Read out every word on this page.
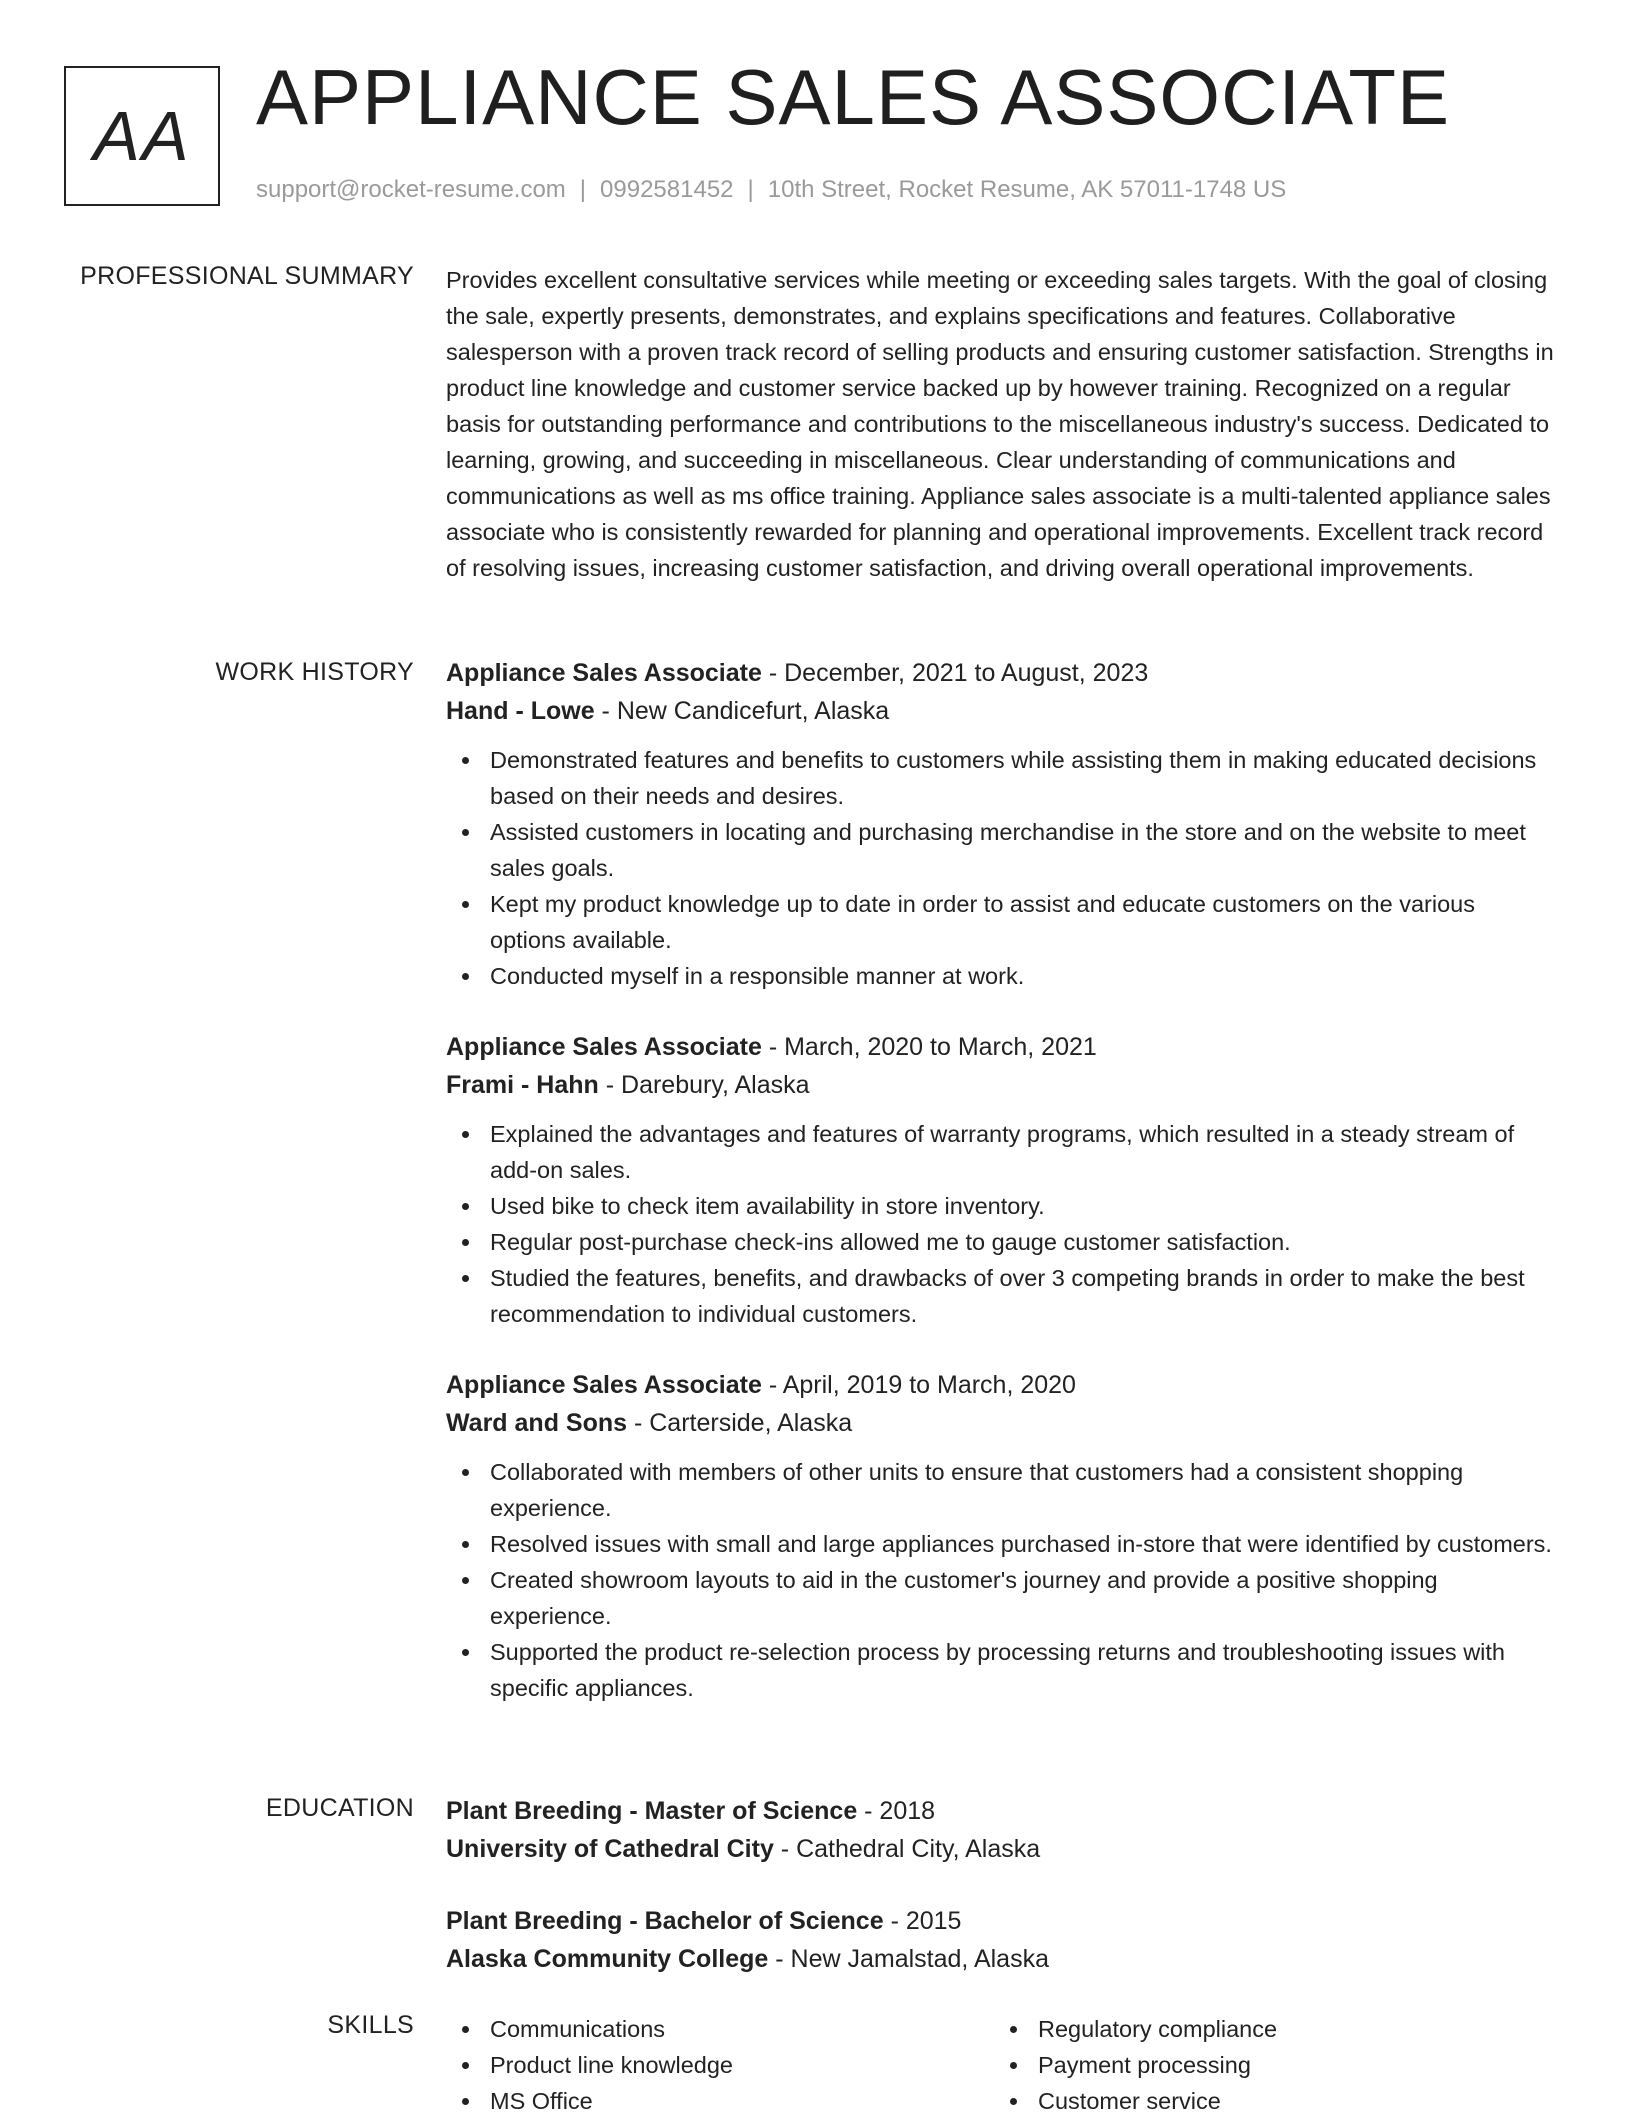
AA APPLIANCE SALES ASSOCIATE
support@rocket-resume.com | 0992581452 | 10th Street, Rocket Resume, AK 57011-1748 US
PROFESSIONAL SUMMARY Provides excellent consultative services while meeting or exceeding sales targets. With the goal of closing the sale, expertly presents, demonstrates, and explains specifications and features. Collaborative salesperson with a proven track record of selling products and ensuring customer satisfaction. Strengths in product line knowledge and customer service backed up by however training. Recognized on a regular basis for outstanding performance and contributions to the miscellaneous industry's success. Dedicated to learning, growing, and succeeding in miscellaneous. Clear understanding of communications and communications as well as ms office training. Appliance sales associate is a multi-talented appliance sales associate who is consistently rewarded for planning and operational improvements. Excellent track record of resolving issues, increasing customer satisfaction, and driving overall operational improvements.

WORK HISTORY Appliance Sales Associate - December, 2021 to August, 2023
Hand - Lowe - New Candicefurt, Alaska
Demonstrated features and benefits to customers while assisting them in making educated decisions based on their needs and desires.
Assisted customers in locating and purchasing merchandise in the store and on the website to meet sales goals.
Kept my product knowledge up to date in order to assist and educate customers on the various options available.
Conducted myself in a responsible manner at work.
Appliance Sales Associate - March, 2020 to March, 2021
Frami - Hahn - Darebury, Alaska
Explained the advantages and features of warranty programs, which resulted in a steady stream of add-on sales.
Used bike to check item availability in store inventory.
Regular post-purchase check-ins allowed me to gauge customer satisfaction.
Studied the features, benefits, and drawbacks of over 3 competing brands in order to make the best recommendation to individual customers.
Appliance Sales Associate - April, 2019 to March, 2020
Ward and Sons - Carterside, Alaska
Collaborated with members of other units to ensure that customers had a consistent shopping experience.
Resolved issues with small and large appliances purchased in-store that were identified by customers.
Created showroom layouts to aid in the customer's journey and provide a positive shopping experience.
Supported the product re-selection process by processing returns and troubleshooting issues with specific appliances.
EDUCATION Plant Breeding - Master of Science - 2018
University of Cathedral City - Cathedral City, Alaska
Plant Breeding - Bachelor of Science - 2015
Alaska Community College - New Jamalstad, Alaska
SKILLS	Communications
Product line knowledge
MS Office
Regulatory compliance
Payment processing
Customer service
